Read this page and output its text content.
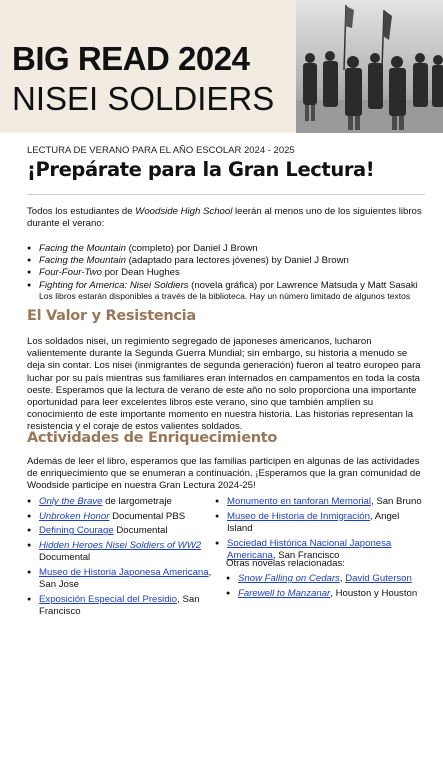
BIG READ 2024
NISEI SOLDIERS
LECTURA DE VERANO PARA EL AÑO ESCOLAR 2024 - 2025
¡Prepárate para la Gran Lectura!
Todos los estudiantes de Woodside High School leerán al menos uno de los siguientes libros durante el verano:
● Facing the Mountain (completo) por Daniel J Brown
● Facing the Mountain (adaptado para lectores jóvenes) by Daniel J Brown
● Four-Four-Two por Dean Hughes
● Fighting for America: Nisei Soldiers (novela gráfica) por Lawrence Matsuda y Matt Sasaki
Los libros estarán disponibles a través de la biblioteca. Hay un número limitado de algunos textos
El Valor y Resistencia
Los soldados nisei, un regimiento segregado de japoneses americanos, lucharon valientemente durante la Segunda Guerra Mundial; sin embargo, su historia a menudo se deja sin contar. Los nisei (inmigrantes de segunda generación) fueron al teatro europeo para luchar por su país mientras sus familiares eran internados en campamentos en toda la costa oeste. Esperamos que la lectura de verano de este año no solo proporciona una importante oportunidad para leer excelentes libros este verano, sino que también amplíen su conocimiento de este importante momento en nuestra historia. Las historias representan la resistencia y el coraje de estos valientes soldados.
Actividades de Enriquecimiento
Además de leer el libro, esperamos que las familias participen en algunas de las actividades de enriquecimiento que se enumeran a continuación. ¡Esperamos que la gran comunidad de Woodside participe en nuestra Gran Lectura 2024-25!
● Only the Brave de largometraje
● Unbroken Honor Documental PBS
● Defining Courage Documental
● Hidden Heroes Nisei Soldiers of WW2
Documental
● Museo de Historia Japonesa Americana, San Jose
● Exposición Especial del Presidio, San Francisco
● Monumento en tanforan Memorial, San Bruno
● Museo de Historia de Inmigración, Angel Island
● Sociedad Histórica Nacional Japonesa Americana, San Francisco
Otras novelas relacionadas:
● Snow Falling on Cedars, David Guterson
● Farewell to Manzanar, Houston y Houston
